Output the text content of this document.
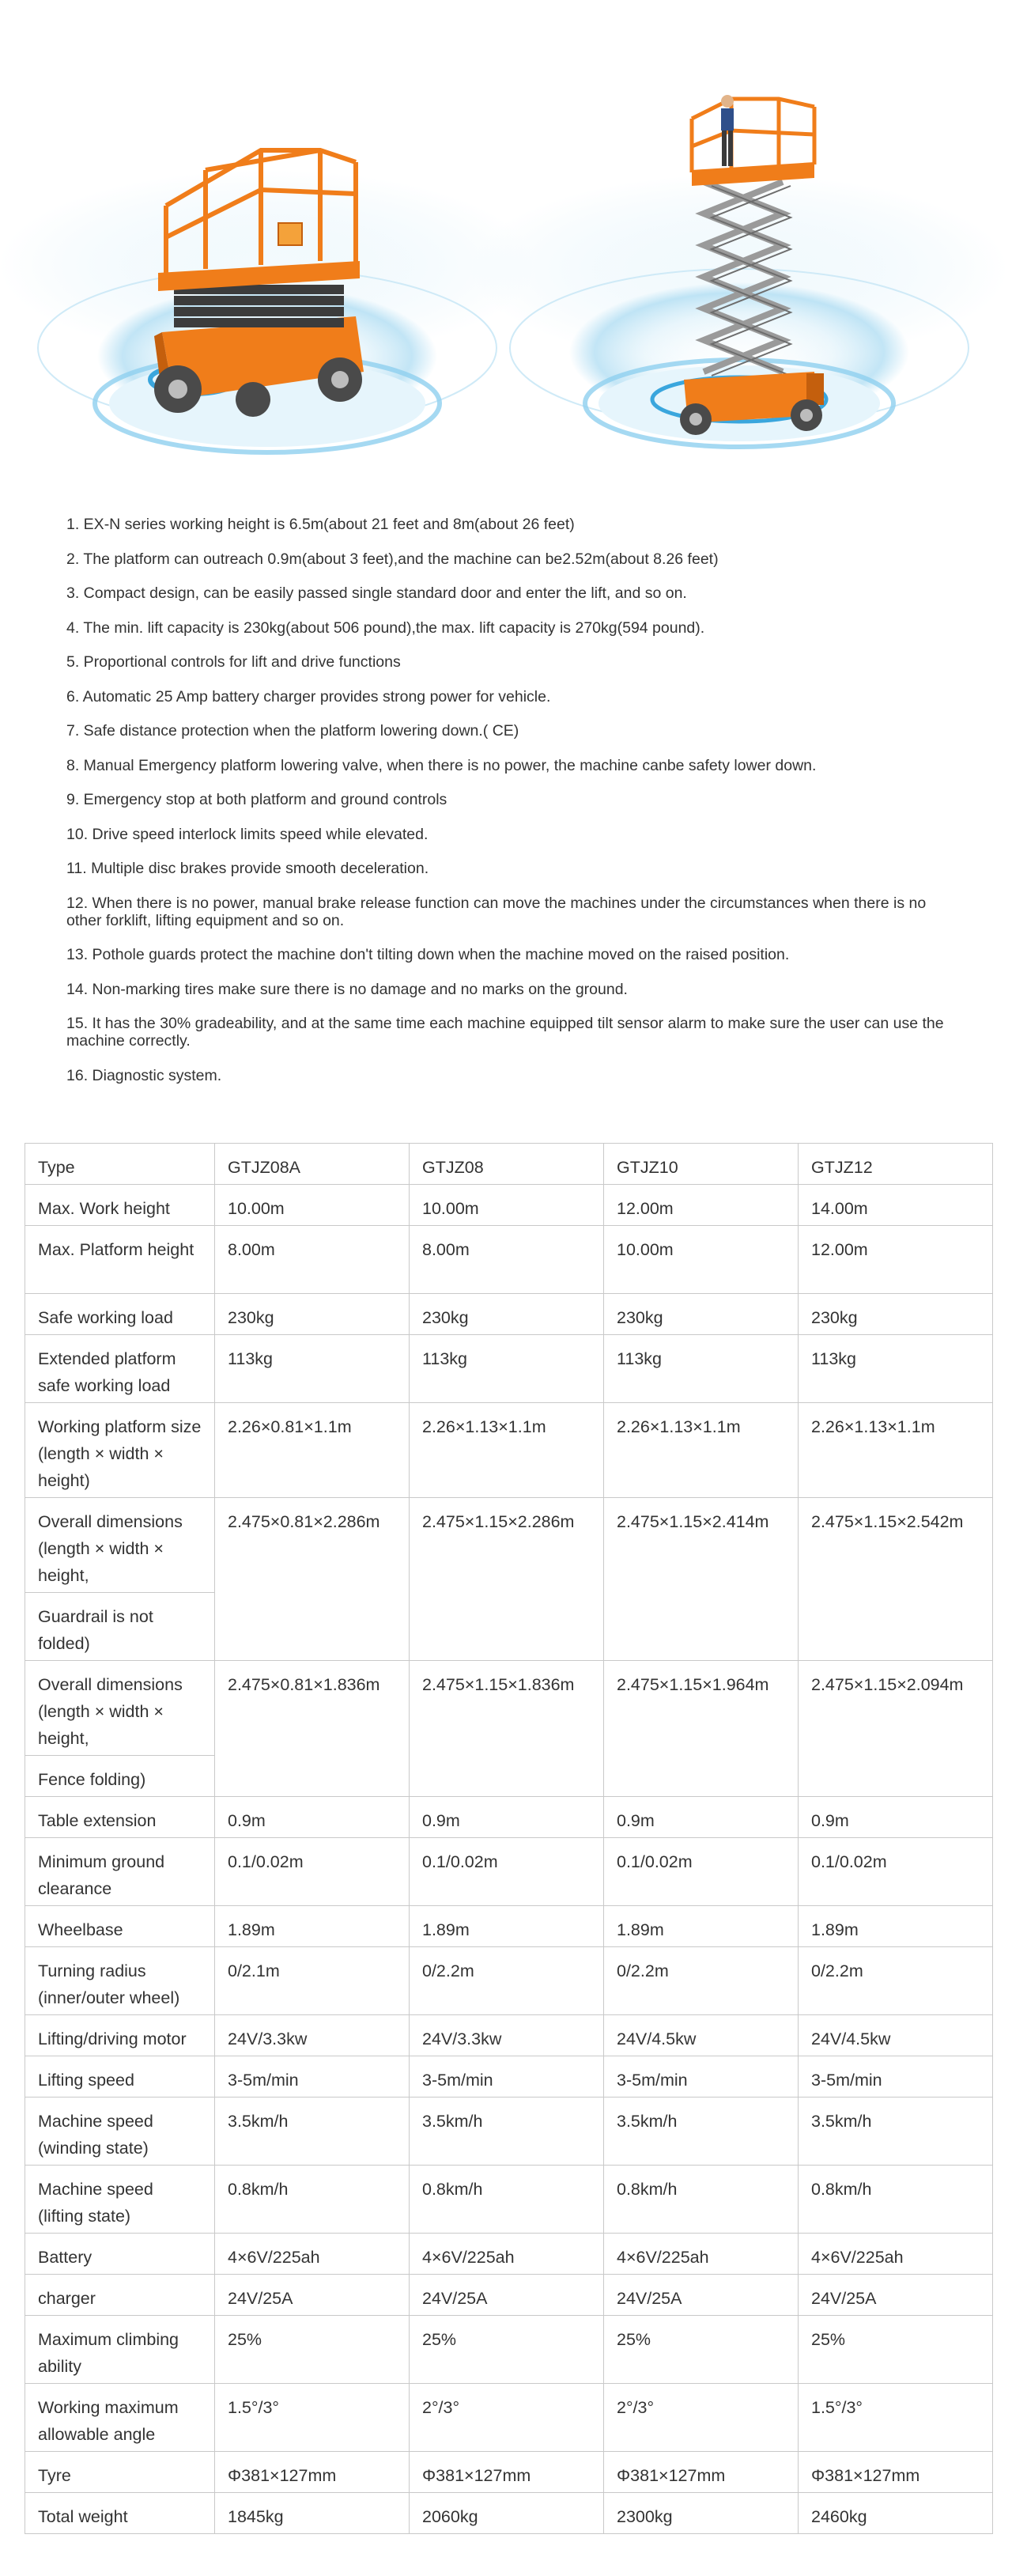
1. EX-N series working height is 6.5m(about 21 feet and 8m(about 26 feet)
2. The platform can outreach 0.9m(about 3 feet),and the machine can be2.52m(about 8.26 feet)
3. Compact design, can be easily passed single standard door and enter the lift, and so on.
4. The min. lift capacity is 230kg(about 506 pound),the max. lift capacity is 270kg(594 pound).
5. Proportional controls for lift and drive functions
6. Automatic 25 Amp battery charger provides strong power for vehicle.
7. Safe distance protection when the platform lowering down.( CE)
8. Manual Emergency platform lowering valve, when there is no power, the machine canbe safety lower down.
9. Emergency stop at both platform and ground controls
10. Drive speed interlock limits speed while elevated.
11. Multiple disc brakes provide smooth deceleration.
12. When there is no power, manual brake release function can move the machines under the circumstances when there is no other forklift, lifting equipment and so on.
13. Pothole guards protect the machine don't tilting down when the machine moved on the raised position.
14. Non-marking tires make sure there is no damage and no marks on the ground.
15. It has the 30% gradeability, and at the same time each machine equipped tilt sensor alarm to make sure the user can use the machine correctly.
16. Diagnostic system.
Type	GTJZ08A	GTJZ08	GTJZ10	GTJZ12
Max. Work height	10.00m	10.00m	12.00m	14.00m
Max. Platform height	8.00m	8.00m	10.00m	12.00m
Safe working load	230kg	230kg	230kg	230kg
Extended platform safe working load	113kg	113kg	113kg	113kg
Working platform size (length × width × height)	2.26×0.81×1.1m	2.26×1.13×1.1m	2.26×1.13×1.1m	2.26×1.13×1.1m
Overall dimensions (length × width × height,	2.475×0.81×2.286m	2.475×1.15×2.286m	2.475×1.15×2.414m	2.475×1.15×2.542m
Guardrail is not folded)				
Overall dimensions (length × width × height,	2.475×0.81×1.836m	2.475×1.15×1.836m	2.475×1.15×1.964m	2.475×1.15×2.094m
Fence folding)				
Table extension	0.9m	0.9m	0.9m	0.9m
Minimum ground clearance	0.1/0.02m	0.1/0.02m	0.1/0.02m	0.1/0.02m
Wheelbase	1.89m	1.89m	1.89m	1.89m
Turning radius (inner/outer wheel)	0/2.1m	0/2.2m	0/2.2m	0/2.2m
Lifting/driving motor	24V/3.3kw	24V/3.3kw	24V/4.5kw	24V/4.5kw
Lifting speed	3-5m/min	3-5m/min	3-5m/min	3-5m/min
Machine speed (winding state)	3.5km/h	3.5km/h	3.5km/h	3.5km/h
Machine speed (lifting state)	0.8km/h	0.8km/h	0.8km/h	0.8km/h
Battery	4×6V/225ah	4×6V/225ah	4×6V/225ah	4×6V/225ah
charger	24V/25A	24V/25A	24V/25A	24V/25A
Maximum climbing ability	25%	25%	25%	25%
Working maximum allowable angle	1.5°/3°	2°/3°	2°/3°	1.5°/3°
Tyre	Φ381×127mm	Φ381×127mm	Φ381×127mm	Φ381×127mm
Total weight	1845kg	2060kg	2300kg	2460kg
